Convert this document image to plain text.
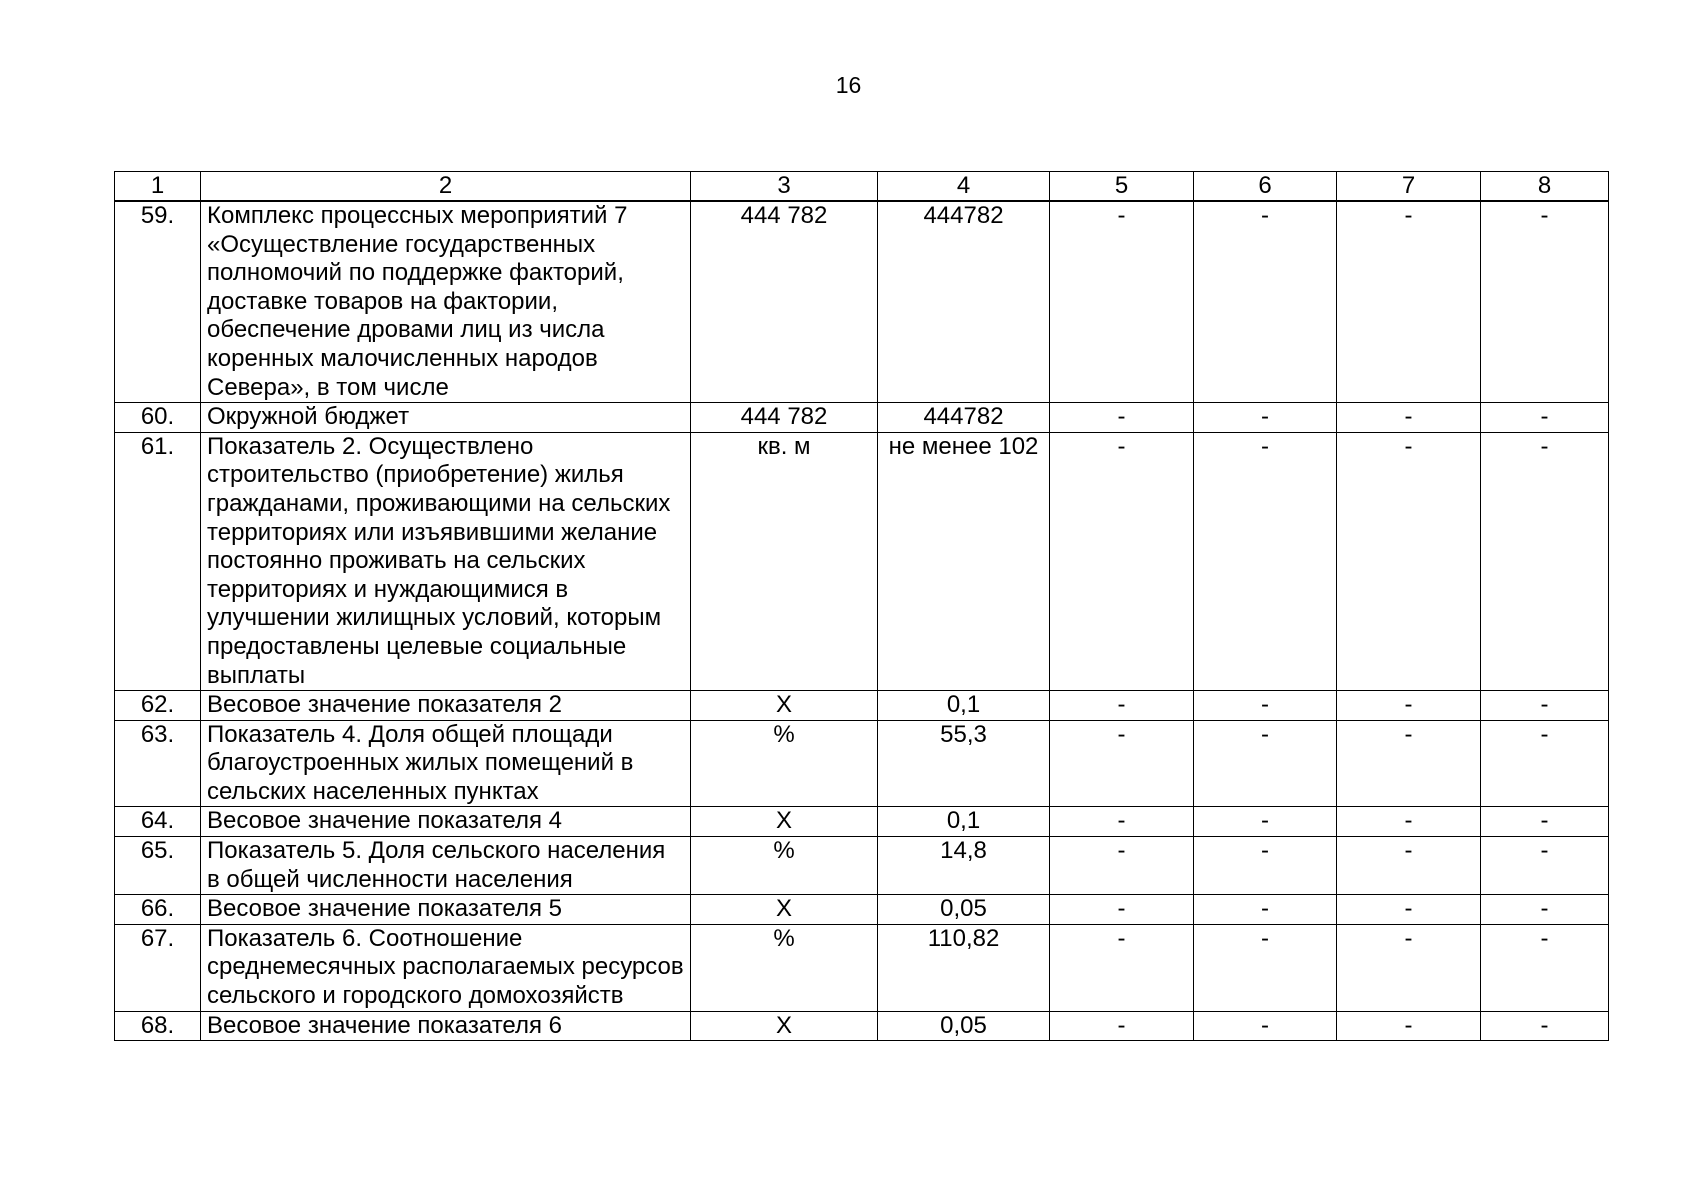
16
1	2	3	4	5	6	7	8
59.	Комплекс процессных мероприятий 7 «Осуществление государственных полномочий по поддержке факторий, доставке товаров на фактории, обеспечение дровами лиц из числа коренных малочисленных народов Севера», в том числе	444 782	444782	-	-	-	-
60.	Окружной бюджет	444 782	444782	-	-	-	-
61.	Показатель 2. Осуществлено строительство (приобретение) жилья гражданами, проживающими на сельских территориях или изъявившими желание постоянно проживать на сельских территориях и нуждающимися в улучшении жилищных условий, которым предоставлены целевые социальные выплаты	кв. м	не менее 102	-	-	-	-
62.	Весовое значение показателя 2	Х	0,1	-	-	-	-
63.	Показатель 4. Доля общей площади благоустроенных жилых помещений в сельских населенных пунктах	%	55,3	-	-	-	-
64.	Весовое значение показателя 4	Х	0,1	-	-	-	-
65.	Показатель 5. Доля сельского населения в общей численности населения	%	14,8	-	-	-	-
66.	Весовое значение показателя 5	Х	0,05	-	-	-	-
67.	Показатель 6. Соотношение среднемесячных располагаемых ресурсов сельского и городского домохозяйств	%	110,82	-	-	-	-
68.	Весовое значение показателя 6	Х	0,05	-	-	-	-
